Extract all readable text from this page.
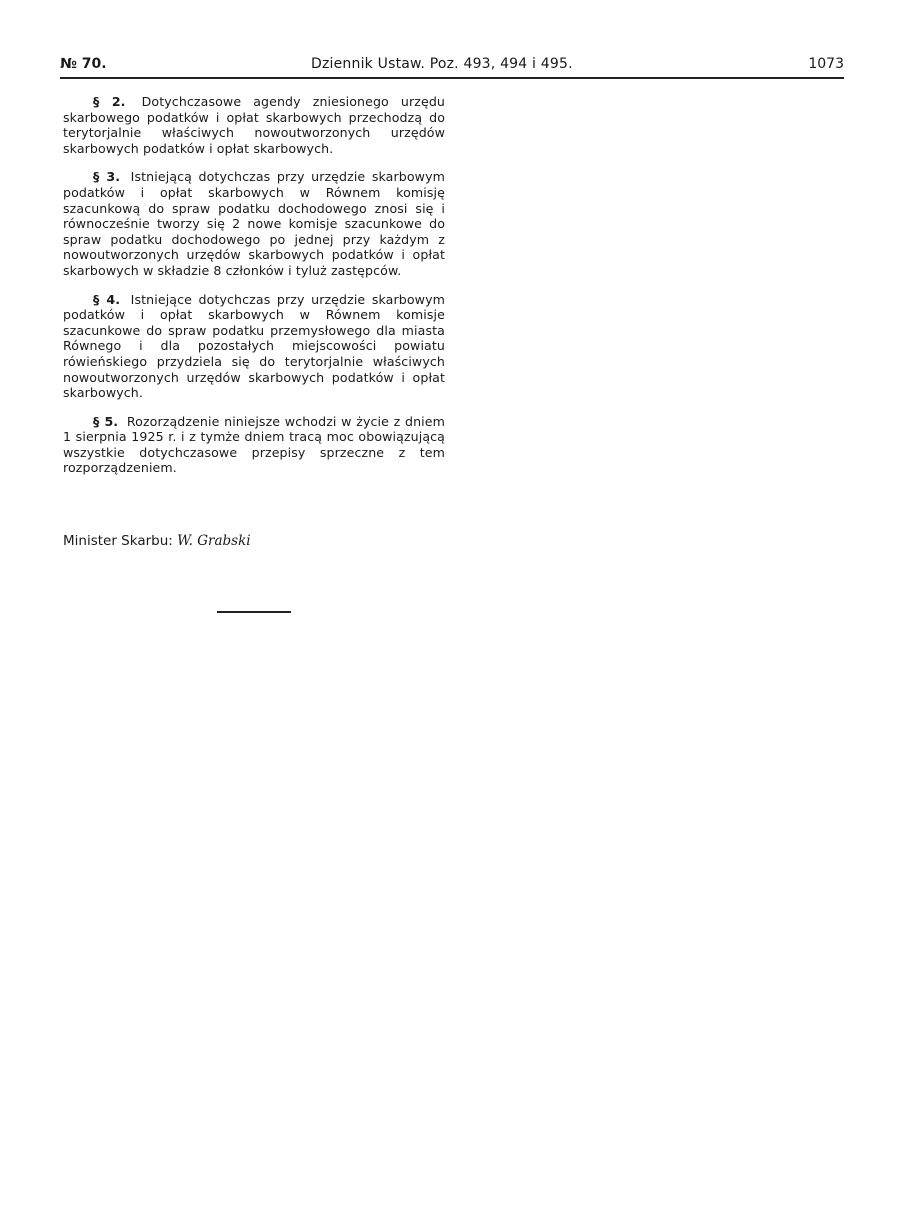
№ 70.	Dziennik Ustaw. Poz. 493, 494 i 495.	1073

§ 2. Dotychczasowe agendy zniesionego urzędu skarbowego podatków i opłat skarbowych przechodzą do terytorjalnie właściwych nowoutworzonych urzędów skarbowych podatków i opłat skarbowych.

§ 3. Istniejącą dotychczas przy urzędzie skarbowym podatków i opłat skarbowych w Równem komisję szacunkową do spraw podatku dochodowego znosi się i równocześnie tworzy się 2 nowe komisje szacunkowe do spraw podatku dochodowego po jednej przy każdym z nowoutworzonych urzędów skarbowych podatków i opłat skarbowych w składzie 8 członków i tyluż zastępców.

§ 4. Istniejące dotychczas przy urzędzie skarbowym podatków i opłat skarbowych w Równem komisje szacunkowe do spraw podatku przemysłowego dla miasta Równego i dla pozostałych miejscowości powiatu rówieńskiego przydziela się do terytorjalnie właściwych nowoutworzonych urzędów skarbowych podatków i opłat skarbowych.

§ 5. Rozorządzenie niniejsze wchodzi w życie z dniem 1 sierpnia 1925 r. i z tymże dniem tracą moc obowiązującą wszystkie dotychczasowe przepisy sprzeczne z tem rozporządzeniem.

Minister Skarbu: W. Grabski
